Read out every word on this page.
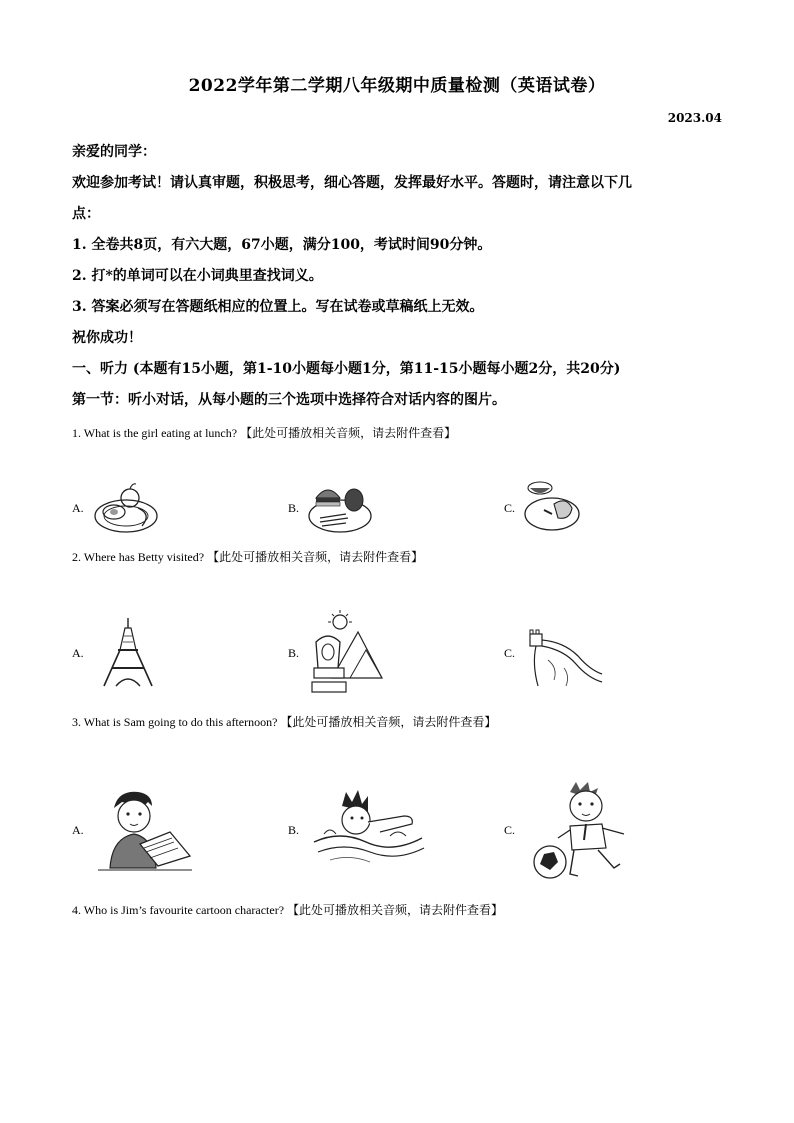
2022学年第二学期八年级期中质量检测（英语试卷）
2023.04
亲爱的同学：
欢迎参加考试！请认真审题，积极思考，细心答题，发挥最好水平。答题时，请注意以下几
点：
1. 全卷共8页，有六大题，67小题，满分100，考试时间90分钟。
2. 打*的单词可以在小词典里查找词义。
3. 答案必须写在答题纸相应的位置上。写在试卷或草稿纸上无效。
祝你成功！
一、听力 (本题有15小题，第1-10小题每小题1分，第11-15小题每小题2分，共20分)
第一节：听小对话，从每小题的三个选项中选择符合对话内容的图片。
1. What is the girl eating at lunch? 【此处可播放相关音频，请去附件查看】
A.	B.	C.
2. Where has Betty visited? 【此处可播放相关音频，请去附件查看】
A.	B.	C.
3. What is Sam going to do this afternoon? 【此处可播放相关音频，请去附件查看】
A.	B.	C.
4. Who is Jim’s favourite cartoon character? 【此处可播放相关音频，请去附件查看】
